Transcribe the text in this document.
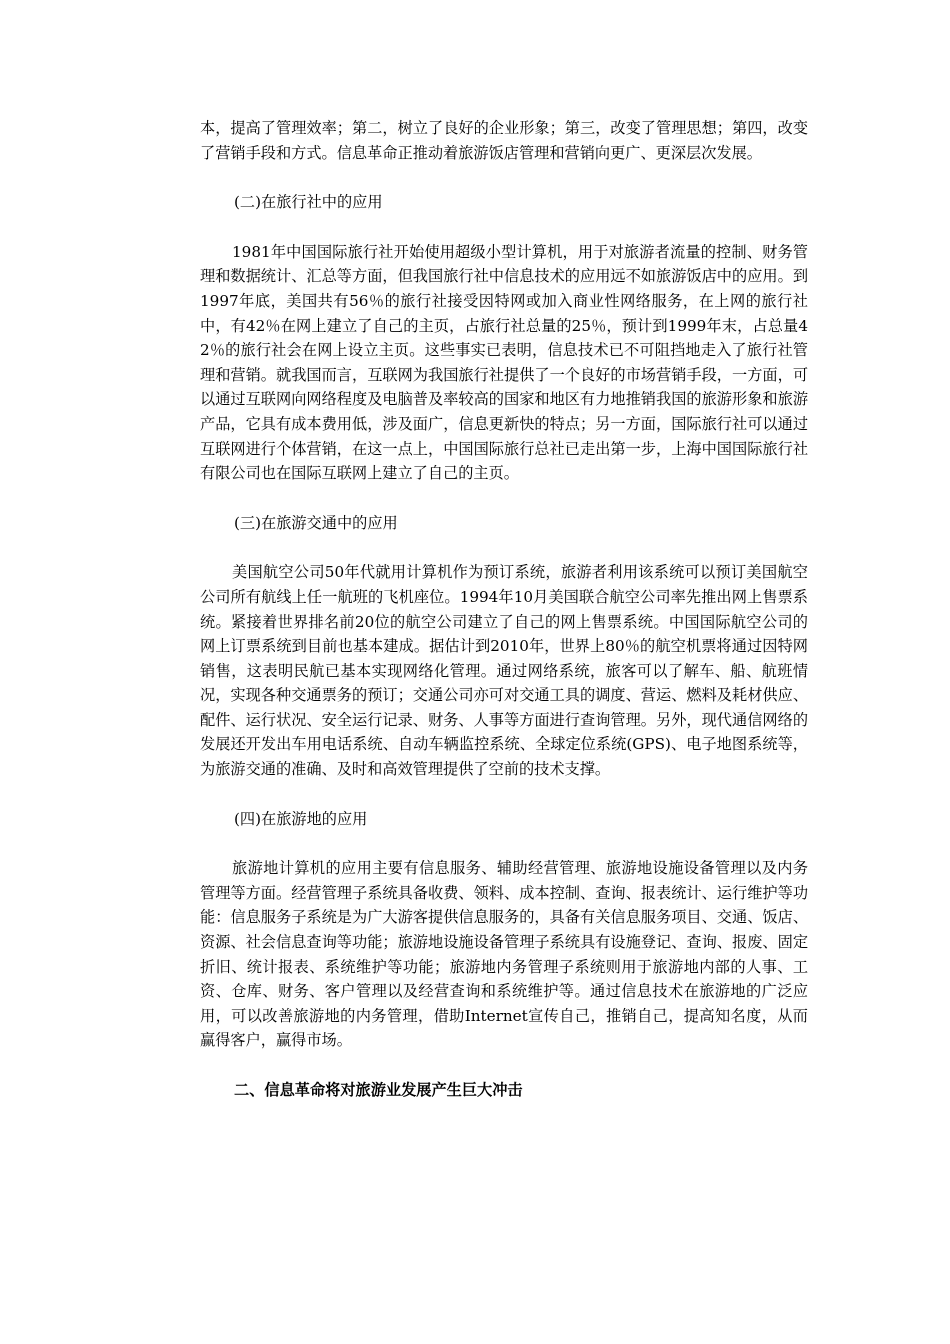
本，提高了管理效率；第二，树立了良好的企业形象；第三，改变了管理思想；第四，改变了营销手段和方式。信息革命正推动着旅游饭店管理和营销向更广、更深层次发展。

(二)在旅行社中的应用

1981年中国国际旅行社开始使用超级小型计算机，用于对旅游者流量的控制、财务管理和数据统计、汇总等方面，但我国旅行社中信息技术的应用远不如旅游饭店中的应用。到1997年底，美国共有56％的旅行社接受因特网或加入商业性网络服务，在上网的旅行社中，有42％在网上建立了自己的主页，占旅行社总量的25％，预计到1999年末，占总量42％的旅行社会在网上设立主页。这些事实已表明，信息技术已不可阻挡地走入了旅行社管理和营销。就我国而言，互联网为我国旅行社提供了一个良好的市场营销手段，一方面，可以通过互联网向网络程度及电脑普及率较高的国家和地区有力地推销我国的旅游形象和旅游产品，它具有成本费用低，涉及面广，信息更新快的特点；另一方面，国际旅行社可以通过互联网进行个体营销，在这一点上，中国国际旅行总社已走出第一步，上海中国国际旅行社有限公司也在国际互联网上建立了自己的主页。

(三)在旅游交通中的应用

美国航空公司50年代就用计算机作为预订系统，旅游者利用该系统可以预订美国航空公司所有航线上任一航班的飞机座位。1994年10月美国联合航空公司率先推出网上售票系统。紧接着世界排名前20位的航空公司建立了自己的网上售票系统。中国国际航空公司的网上订票系统到目前也基本建成。据估计到2010年，世界上80％的航空机票将通过因特网销售，这表明民航已基本实现网络化管理。通过网络系统，旅客可以了解车、船、航班情况，实现各种交通票务的预订；交通公司亦可对交通工具的调度、营运、燃料及耗材供应、配件、运行状况、安全运行记录、财务、人事等方面进行查询管理。另外，现代通信网络的发展还开发出车用电话系统、自动车辆监控系统、全球定位系统(GPS)、电子地图系统等，为旅游交通的准确、及时和高效管理提供了空前的技术支撑。

(四)在旅游地的应用

旅游地计算机的应用主要有信息服务、辅助经营管理、旅游地设施设备管理以及内务管理等方面。经营管理子系统具备收费、领料、成本控制、查询、报表统计、运行维护等功能：信息服务子系统是为广大游客提供信息服务的，具备有关信息服务项目、交通、饭店、资源、社会信息查询等功能；旅游地设施设备管理子系统具有设施登记、查询、报废、固定折旧、统计报表、系统维护等功能；旅游地内务管理子系统则用于旅游地内部的人事、工资、仓库、财务、客户管理以及经营查询和系统维护等。通过信息技术在旅游地的广泛应用，可以改善旅游地的内务管理，借助Internet宣传自己，推销自己，提高知名度，从而赢得客户，赢得市场。

二、信息革命将对旅游业发展产生巨大冲击
